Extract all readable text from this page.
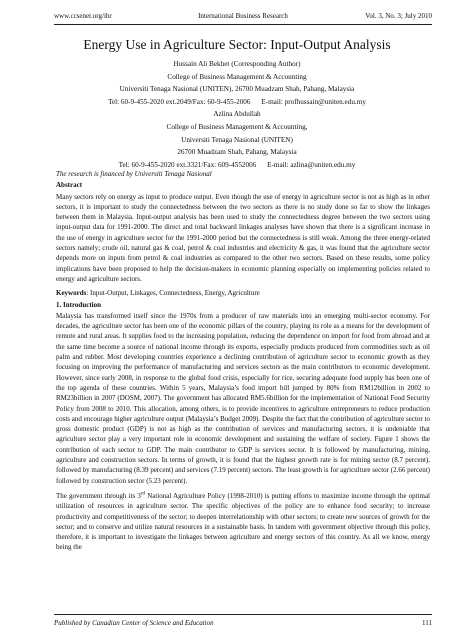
www.ccsenet.org/ibr	International Business Research	Vol. 3, No. 3; July 2010
Energy Use in Agriculture Sector: Input-Output Analysis
Hussain Ali Bekhet (Corresponding Author)
College of Business Management & Accounting
Universiti Tenaga Nasional (UNITEN), 26700 Muadzam Shah, Pahang, Malaysia
Tel: 60-9-455-2020 ext.2049/Fax: 60-9-455-2006 E-mail: profhussain@uniten.edu.my
Azlina Abdullah
College of Business Management & Accounting,
Universiti Tenaga Nasional (UNITEN)
26700 Muadzam Shah, Pahang, Malaysia
Tel: 60-9-455-2020 ext.3321/Fax: 609-4552006 E-mail: azlina@uniten.edu.my

The research is financed by Universiti Tenaga Nasional

Abstract

Many sectors rely on energy as input to produce output. Even though the use of energy in agriculture sector is not as high as in other sectors, it is important to study the connectedness between the two sectors as there is no study done so far to show the linkages between them in Malaysia. Input-output analysis has been used to study the connectedness degree between the two sectors using input-output data for 1991-2000. The direct and total backward linkages analyses have shown that there is a significant increase in the use of energy in agriculture sector for the 1991-2000 period but the connectedness is still weak. Among the three energy-related sectors namely; crude oil, natural gas & coal, petrol & coal industries and electricity & gas, it was found that the agriculture sector depends more on inputs from petrol & coal industries as compared to the other two sectors. Based on these results, some policy implications have been proposed to help the decision-makers in economic planning especially on implementing policies related to energy and agriculture sectors.

Keywords: Input-Output, Linkages, Connectedness, Energy, Agriculture

1. Introduction

Malaysia has transformed itself since the 1970s from a producer of raw materials into an emerging multi-sector economy. For decades, the agriculture sector has been one of the economic pillars of the country, playing its role as a means for the development of remote and rural areas. It supplies food to the increasing population, reducing the dependence on import for food from abroad and at the same time become a source of national income through its exports, especially products produced from commodities such as oil palm and rubber. Most developing countries experience a declining contribution of agriculture sector to economic growth as they focusing on improving the performance of manufacturing and services sectors as the main contributors to economic development. However, since early 2008, in response to the global food crisis, especially for rice, securing adequate food supply has been one of the top agenda of these countries. Within 5 years, Malaysia’s food import bill jumped by 80% from RM12billion in 2002 to RM23billion in 2007 (DOSM, 2007). The government has allocated RM5.6billion for the implementation of National Food Security Policy from 2008 to 2010. This allocation, among others, is to provide incentives to agriculture entrepreneurs to reduce production costs and encourage higher agriculture output (Malaysia’s Budget 2009). Despite the fact that the contribution of agriculture sector to gross domestic product (GDP) is not as high as the contribution of services and manufacturing sectors, it is undeniable that agriculture sector play a very important role in economic development and sustaining the welfare of society. Figure 1 shows the contribution of each sector to GDP. The main contributor to GDP is services sector. It is followed by manufacturing, mining, agriculture and construction sectors. In terms of growth, it is found that the highest growth rate is for mining sector (8.7 percent), followed by manufacturing (8.39 percent) and services (7.19 percent) sectors. The least growth is for agriculture sector (2.66 percent) followed by construction sector (5.23 percent).

The government through its 3rd National Agriculture Policy (1998-2010) is putting efforts to maximize income through the optimal utilization of resources in agriculture sector. The specific objectives of the policy are to enhance food security; to increase productivity and competitiveness of the sector; to deepen interrelationship with other sectors; to create new sources of growth for the sector; and to conserve and utilize natural resources in a sustainable basis. In tandem with government objective through this policy, therefore, it is important to investigate the linkages between agriculture and energy sectors of this country. As all we know, energy being the

Published by Canadian Center of Science and Education	111
